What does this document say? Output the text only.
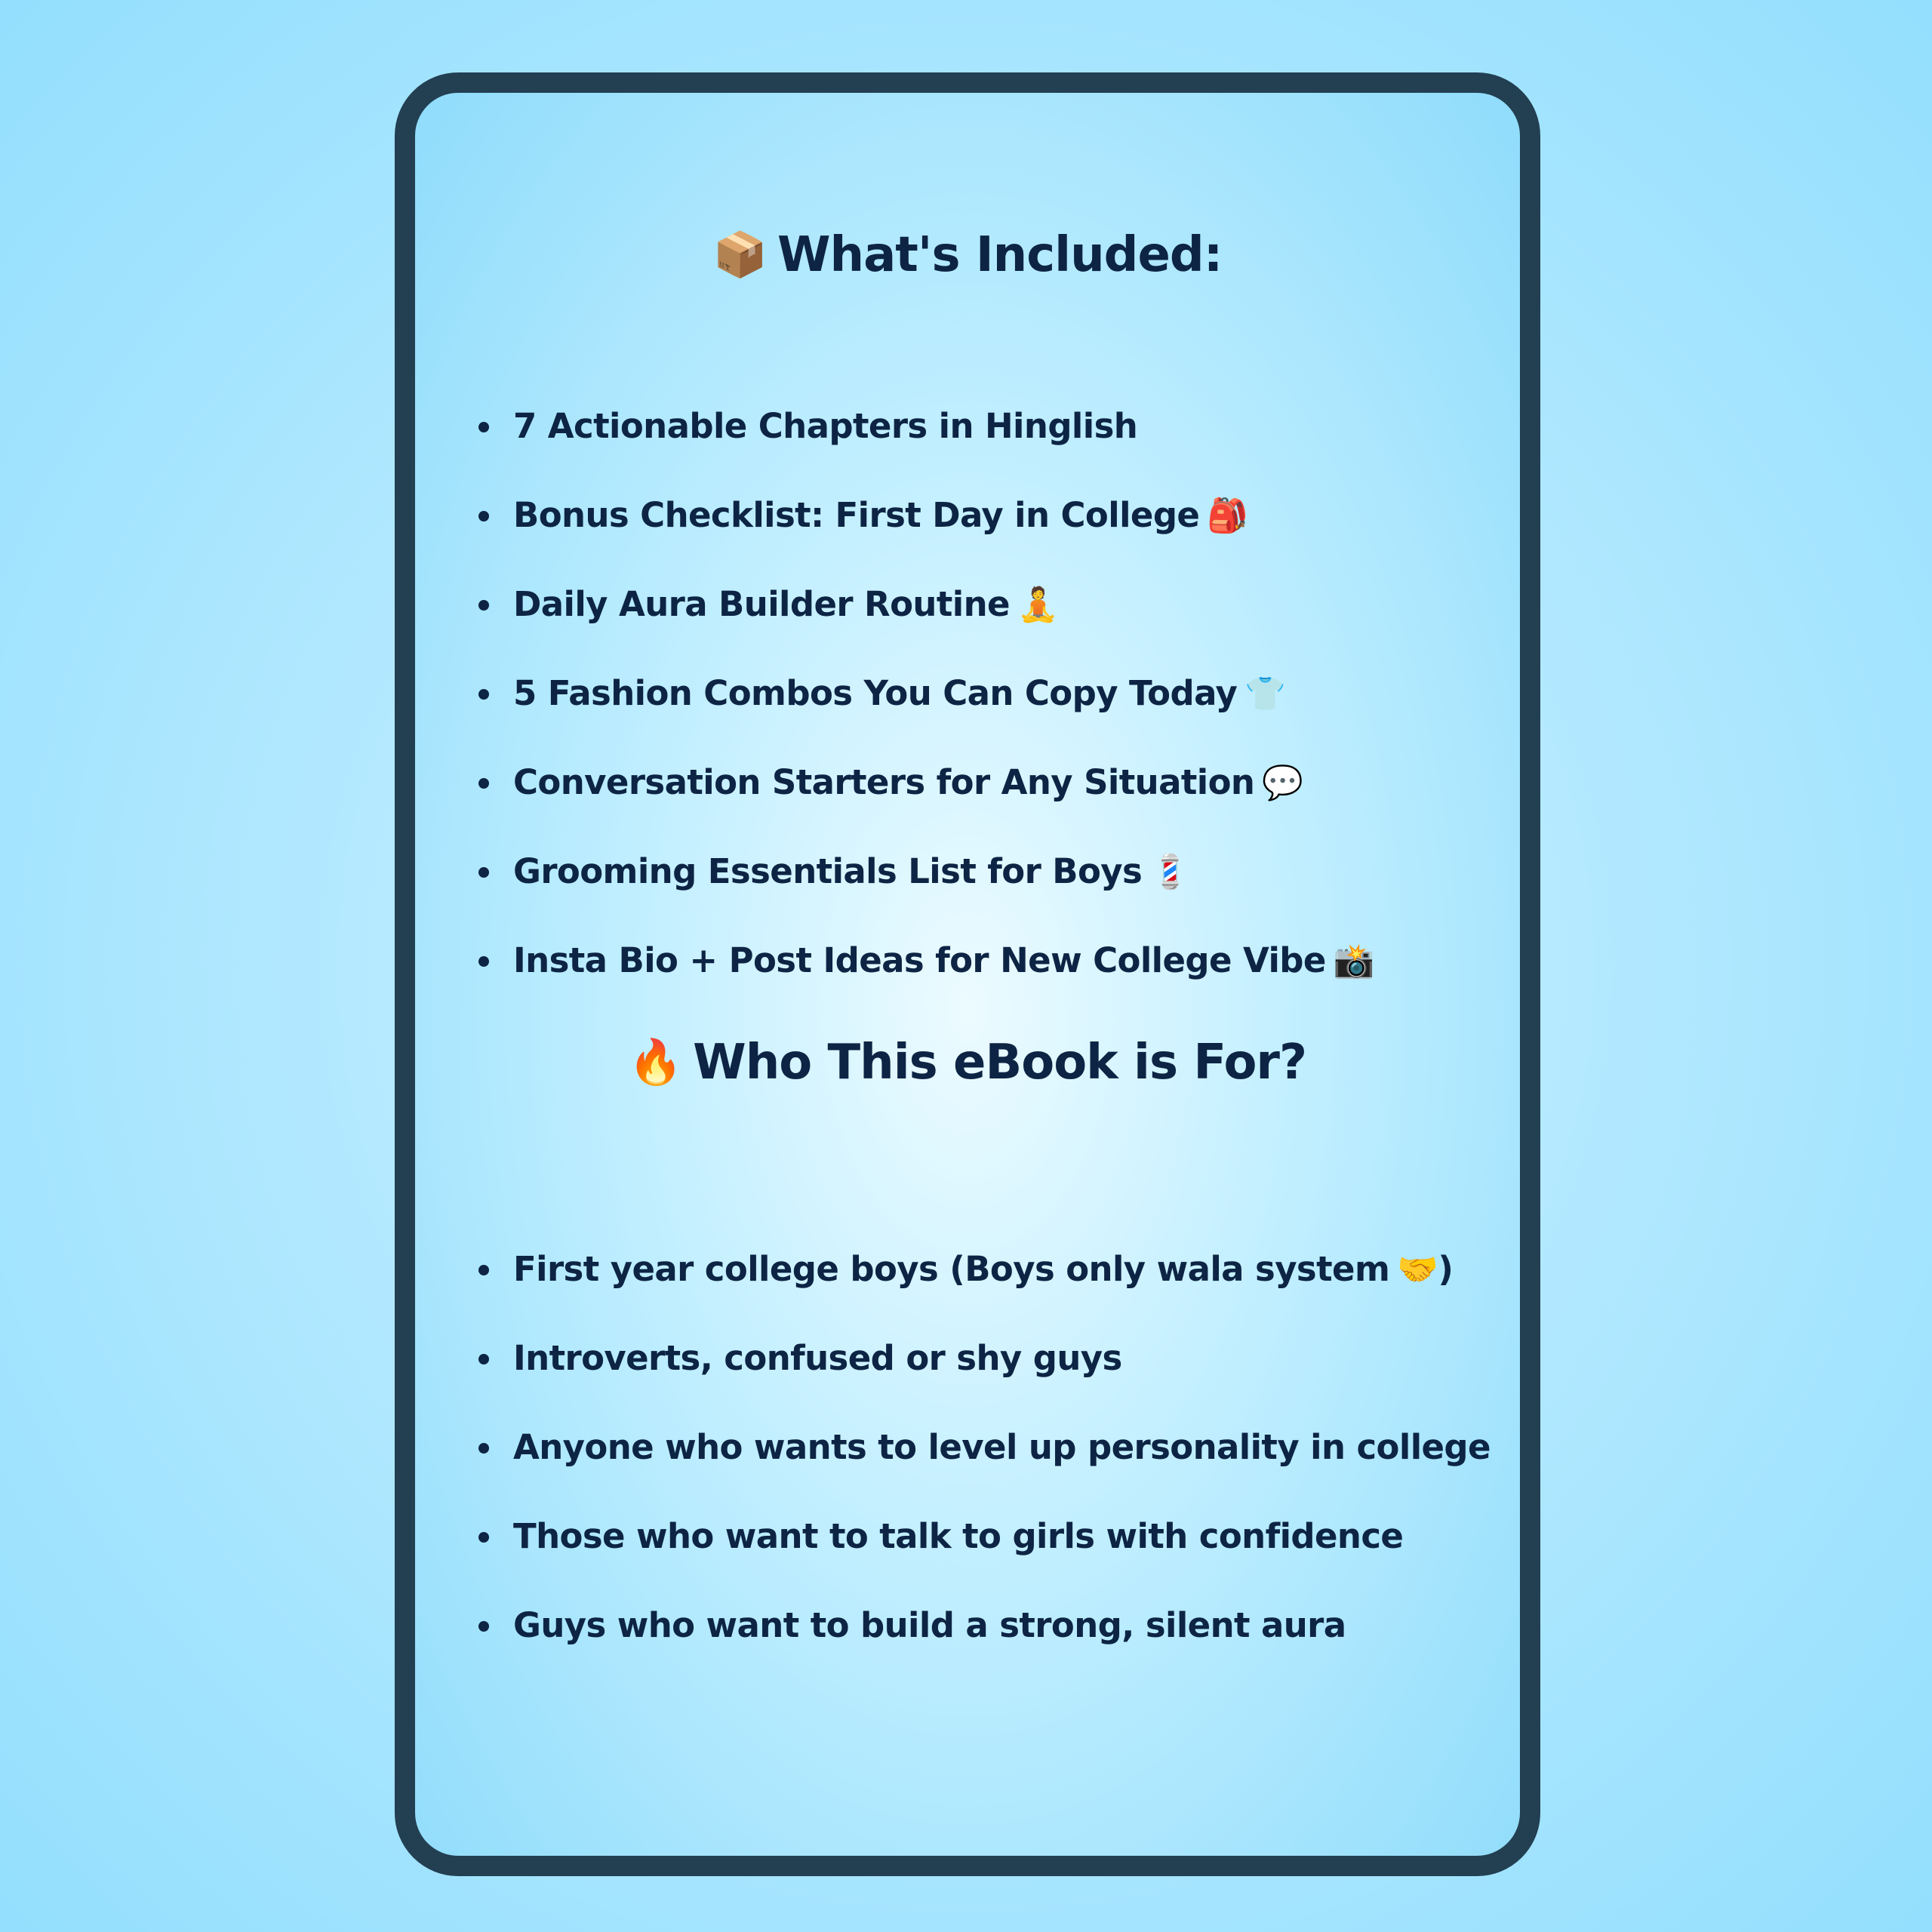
📦 What's Included:
7 Actionable Chapters in Hinglish
Bonus Checklist: First Day in College 🎒
Daily Aura Builder Routine 🧘
5 Fashion Combos You Can Copy Today 👕
Conversation Starters for Any Situation 💬
Grooming Essentials List for Boys 💈
Insta Bio + Post Ideas for New College Vibe 📸
🔥 Who This eBook is For?
First year college boys (Boys only wala system 🤝)
Introverts, confused or shy guys
Anyone who wants to level up personality in college
Those who want to talk to girls with confidence
Guys who want to build a strong, silent aura
